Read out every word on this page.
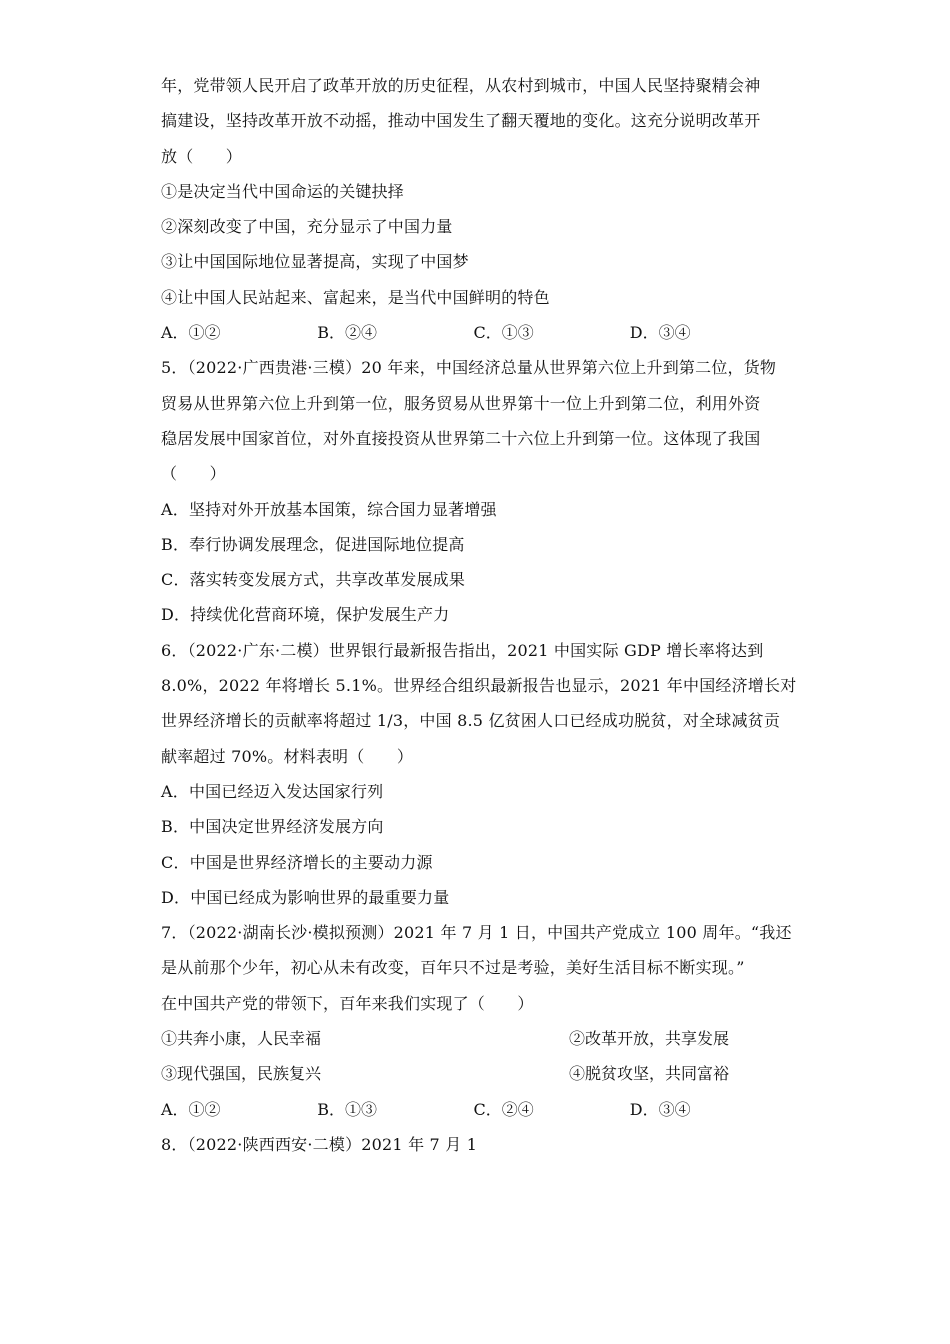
年，党带领人民开启了政革开放的历史征程，从农村到城市，中国人民坚持聚精会神
搞建设，坚持改革开放不动摇，推动中国发生了翻天覆地的变化。这充分说明改革开
放（　　）
①是决定当代中国命运的关键抉择
②深刻改变了中国，充分显示了中国力量
③让中国国际地位显著提高，实现了中国梦
④让中国人民站起来、富起来，是当代中国鲜明的特色
A．①②	B．②④	C．①③	D．③④
5．（2022·广西贵港·三模）20 年来，中国经济总量从世界第六位上升到第二位，货物
贸易从世界第六位上升到第一位，服务贸易从世界第十一位上升到第二位，利用外资
稳居发展中国家首位，对外直接投资从世界第二十六位上升到第一位。这体现了我国
（　　）
A．坚持对外开放基本国策，综合国力显著增强
B．奉行协调发展理念，促进国际地位提高
C．落实转变发展方式，共享改革发展成果
D．持续优化营商环境，保护发展生产力
6．（2022·广东·二模）世界银行最新报告指出，2021 中国实际 GDP 增长率将达到
8.0%，2022 年将增长 5.1%。世界经合组织最新报告也显示，2021 年中国经济增长对
世界经济增长的贡献率将超过 1/3，中国 8.5 亿贫困人口已经成功脱贫，对全球减贫贡
献率超过 70%。材料表明（　　）
A．中国已经迈入发达国家行列
B．中国决定世界经济发展方向
C．中国是世界经济增长的主要动力源
D．中国已经成为影响世界的最重要力量
7．（2022·湖南长沙·模拟预测）2021 年 7 月 1 日，中国共产党成立 100 周年。“我还
是从前那个少年，初心从未有改变，百年只不过是考验，美好生活目标不断实现。”
在中国共产党的带领下，百年来我们实现了（　　）
①共奔小康，人民幸福	②改革开放，共享发展
③现代强国，民族复兴	④脱贫攻坚，共同富裕
A．①②	B．①③	C．②④	D．③④
8．（2022·陕西西安·二模）2021 年 7 月 1
